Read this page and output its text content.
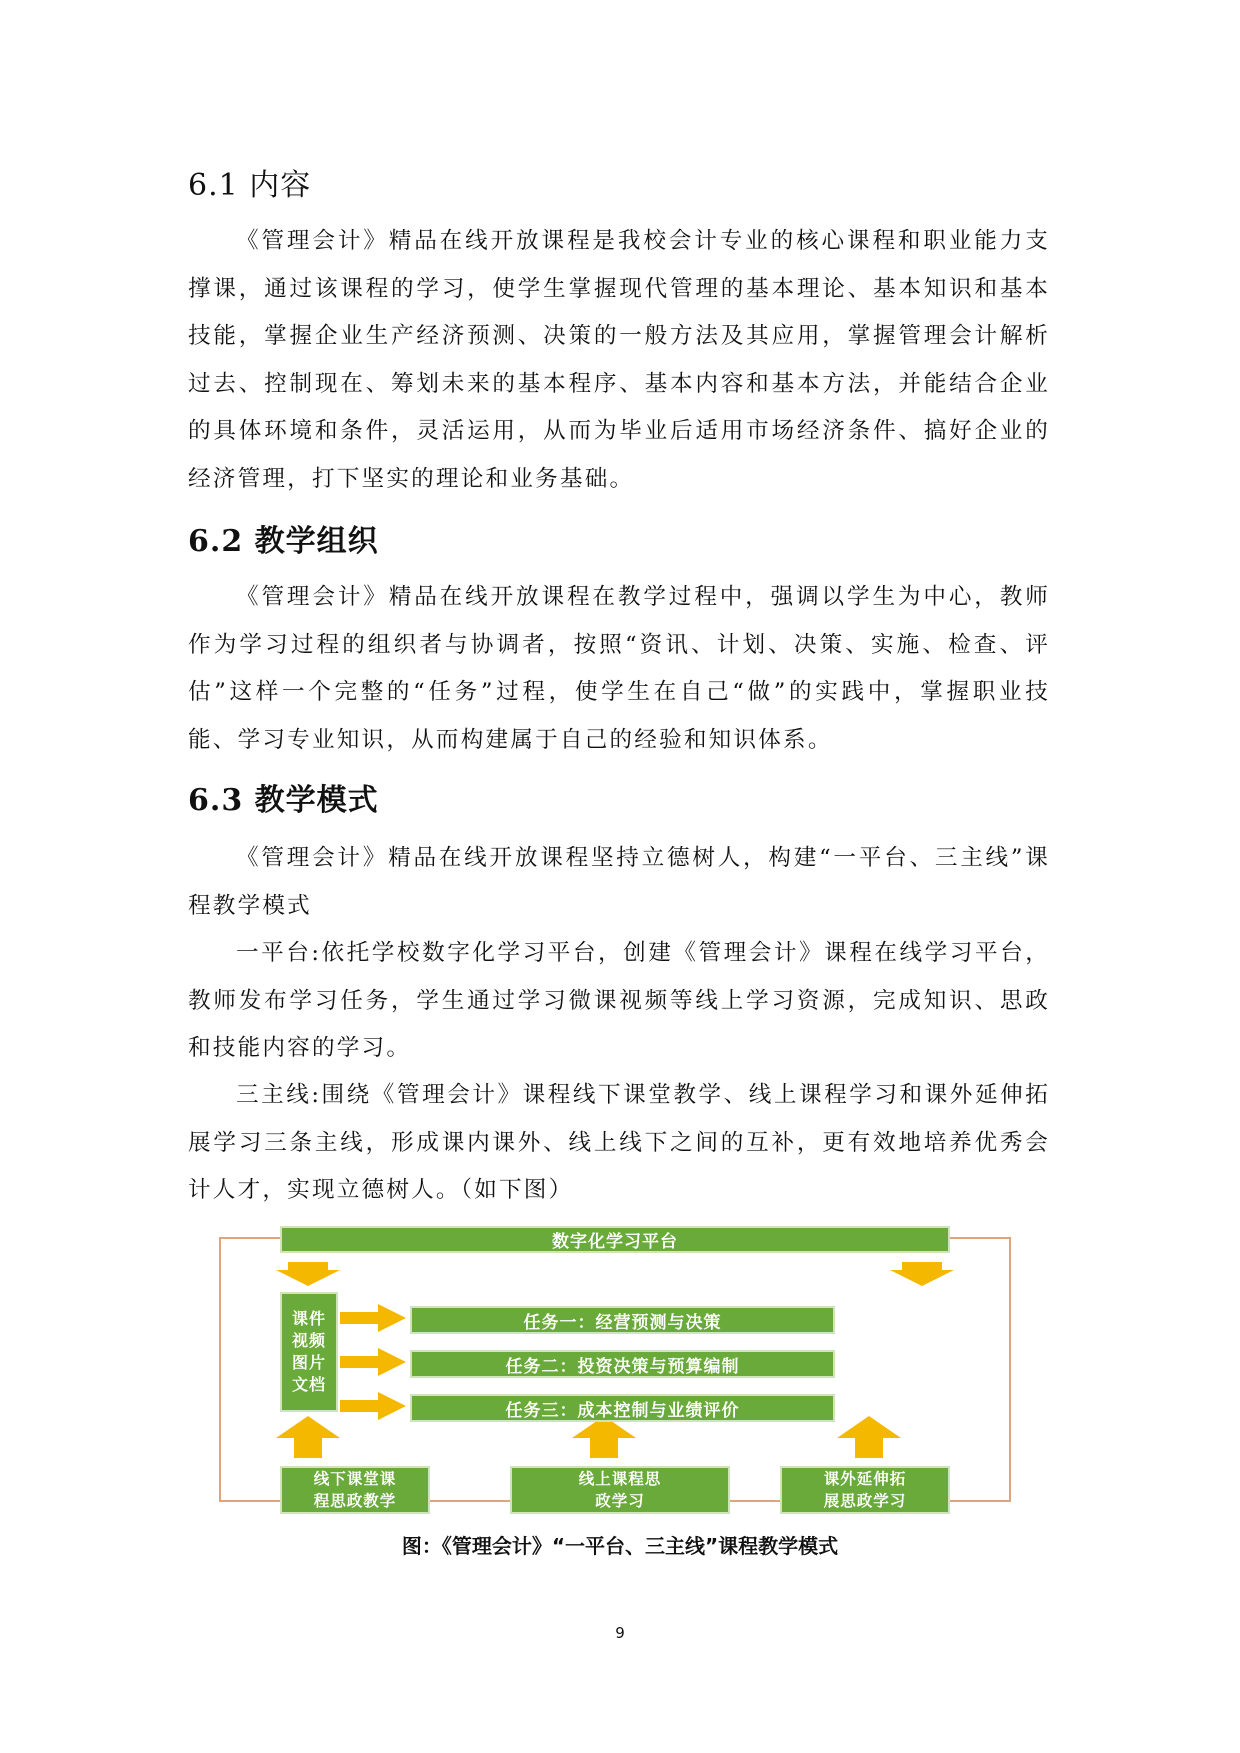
6.1 内容

《管理会计》精品在线开放课程是我校会计专业的核心课程和职业能力支撑课，通过该课程的学习，使学生掌握现代管理的基本理论、基本知识和基本技能，掌握企业生产经济预测、决策的一般方法及其应用，掌握管理会计解析过去、控制现在、筹划未来的基本程序、基本内容和基本方法，并能结合企业的具体环境和条件，灵活运用，从而为毕业后适用市场经济条件、搞好企业的经济管理，打下坚实的理论和业务基础。

6.2 教学组织

《管理会计》精品在线开放课程在教学过程中，强调以学生为中心，教师作为学习过程的组织者与协调者，按照“资讯、计划、决策、实施、检查、评估”这样一个完整的“任务”过程，使学生在自己“做”的实践中，掌握职业技能、学习专业知识，从而构建属于自己的经验和知识体系。

6.3 教学模式

《管理会计》精品在线开放课程坚持立德树人，构建“一平台、三主线”课程教学模式

一平台:依托学校数字化学习平台，创建《管理会计》课程在线学习平台，教师发布学习任务，学生通过学习微课视频等线上学习资源，完成知识、思政和技能内容的学习。

三主线:围绕《管理会计》课程线下课堂教学、线上课程学习和课外延伸拓展学习三条主线，形成课内课外、线上线下之间的互补，更有效地培养优秀会计人才，实现立德树人。（如下图）

数字化学习平台
课件
视频
图片
文档
任务一：经营预测与决策
任务二：投资决策与预算编制
任务三：成本控制与业绩评价
线下课堂课
程思政教学
线上课程思
政学习
课外延伸拓
展思政学习

图：《管理会计》“一平台、三主线”课程教学模式

9
